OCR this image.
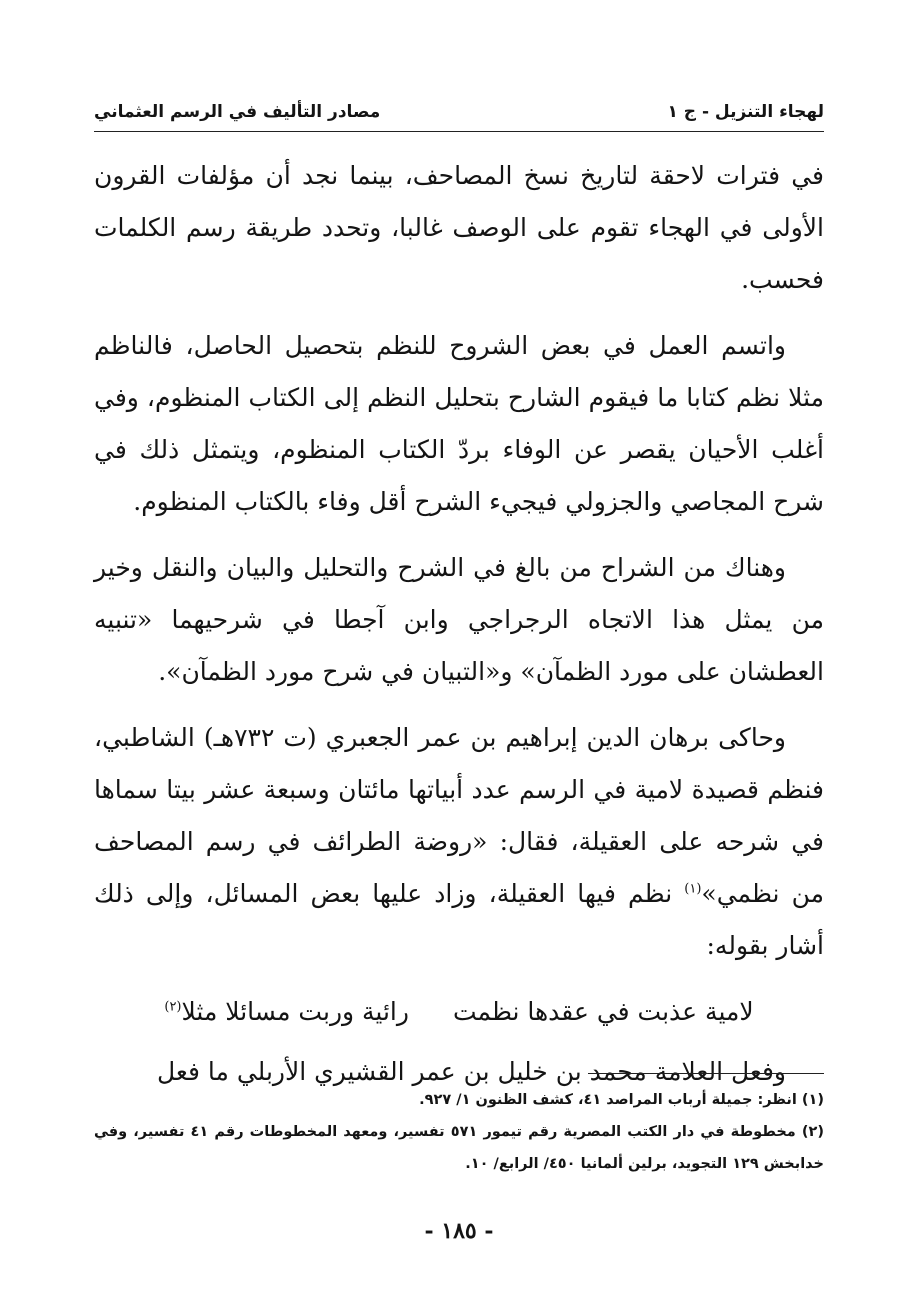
لهجاء التنزيل - ج ١
مصادر التأليف في الرسم العثماني

في فترات لاحقة لتاريخ نسخ المصاحف، بينما نجد أن مؤلفات القرون الأولى في الهجاء تقوم على الوصف غالبا، وتحدد طريقة رسم الكلمات فحسب.

واتسم العمل في بعض الشروح للنظم بتحصيل الحاصل، فالناظم مثلا نظم كتابا ما فيقوم الشارح بتحليل النظم إلى الكتاب المنظوم، وفي أغلب الأحيان يقصر عن الوفاء بردّ الكتاب المنظوم، ويتمثل ذلك في شرح المجاصي والجزولي فيجيء الشرح أقل وفاء بالكتاب المنظوم.

وهناك من الشراح من بالغ في الشرح والتحليل والبيان والنقل وخير من يمثل هذا الاتجاه الرجراجي وابن آجطا في شرحيهما «تنبيه العطشان على مورد الظمآن» و«التبيان في شرح مورد الظمآن».

وحاكى برهان الدين إبراهيم بن عمر الجعبري (ت ٧٣٢هـ) الشاطبي، فنظم قصيدة لامية في الرسم عدد أبياتها مائتان وسبعة عشر بيتا سماها في شرحه على العقيلة، فقال: «روضة الطرائف في رسم المصاحف من نظمي»$^{(١)}$ نظم فيها العقيلة، وزاد عليها بعض المسائل، وإلى ذلك أشار بقوله:

لامية عذبت في عقدها نظمت
رائية وربت مسائلا مثلا$^{(٢)}$

وفعل العلامة محمد بن خليل بن عمر القشيري الأربلي ما فعل

(١) انظر: جميلة أرباب المراصد ٤١، كشف الظنون ١/ ٩٢٧.

(٢) مخطوطة في دار الكتب المصرية رقم تيمور ٥٧١ تفسير، ومعهد المخطوطات رقم ٤١ تفسير، وفي خدابخش ١٢٩ التجويد، برلين ألمانيا ٤٥٠/ الرابع/ ١٠.

- ١٨٥ -
